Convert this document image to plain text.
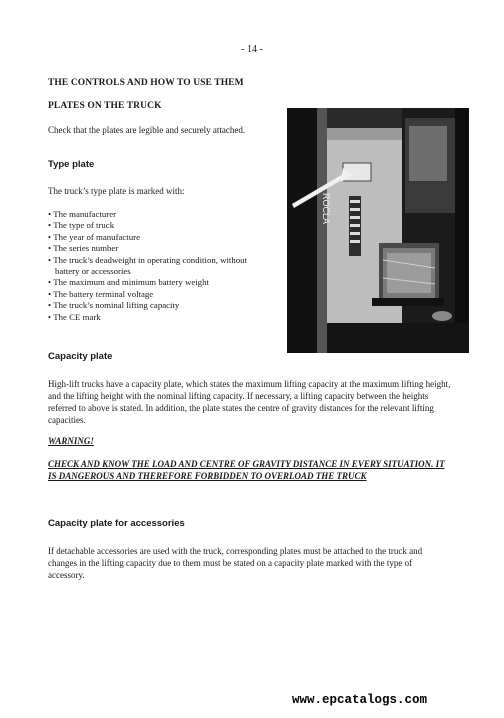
- 14 -
THE CONTROLS AND HOW TO USE THEM
PLATES ON THE TRUCK
Check that the plates are legible and securely attached.
Type plate
The truck’s type plate is marked with:
• The manufacturer
• The type of truck
• The year of manufacture
• The series number
• The truck’s deadweight in operating condition, without battery or accessories
• The maximum and minimum battery weight
• The battery terminal voltage
• The truck’s nominal lifting capacity
• The CE mark
ROCLA
Capacity plate
High-lift trucks have a capacity plate, which states the maximum lifting capacity at the maximum lifting height, and the lifting height with the nominal lifting capacity. If necessary, a lifting capacity between the heights referred to above is stated. In addition, the plate states the centre of gravity distances for the relevant lifting capacities.
WARNING!
CHECK AND KNOW THE LOAD AND CENTRE OF GRAVITY DISTANCE IN EVERY SITUATION. IT IS DANGEROUS AND THEREFORE FORBIDDEN TO OVERLOAD THE TRUCK
Capacity plate for accessories
If detachable accessories are used with the truck, corresponding plates must be attached to the truck and changes in the lifting capacity due to them must be stated on a capacity plate marked with the type of accessory.
www.epcatalogs.com
